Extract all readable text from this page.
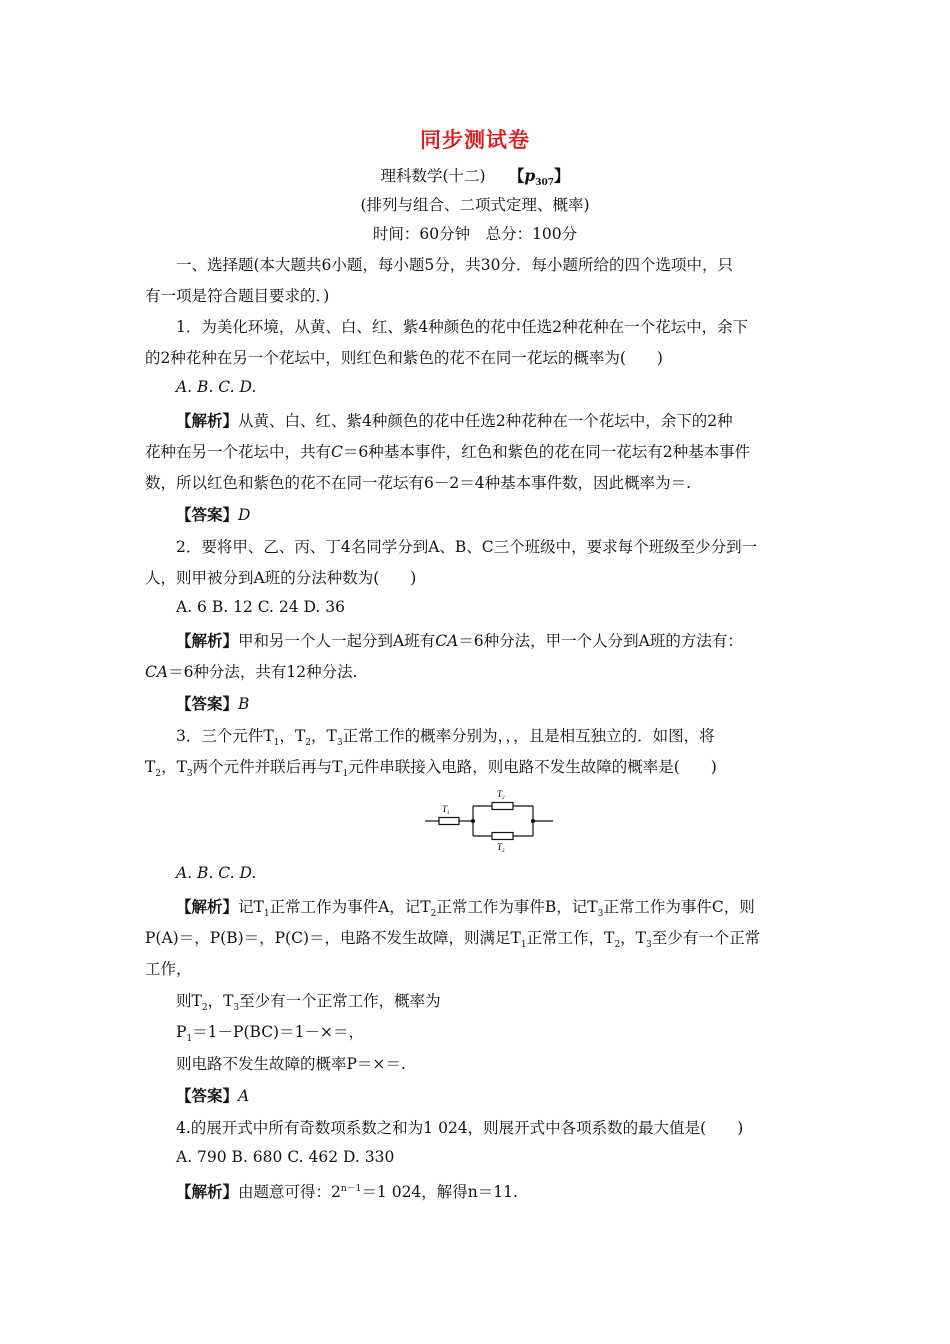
同步测试卷
理科数学(十二)　　 【$p_{307}$】
(排列与组合、二项式定理、概率)
时间：60分钟　总分：100分
一、选择题(本大题共6小题，每小题5分，共30分．每小题所给的四个选项中，只
有一项是符合题目要求的．)
1．为美化环境，从黄、白、红、紫4种颜色的花中任选2种花种在一个花坛中，余下
的2种花种在另一个花坛中，则红色和紫色的花不在同一花坛的概率为(　　)
A. B. C. D.
【解析】从黄、白、红、紫4种颜色的花中任选2种花种在一个花坛中，余下的2种
花种在另一个花坛中，共有C＝6种基本事件，红色和紫色的花在同一花坛有2种基本事件
数，所以红色和紫色的花不在同一花坛有6－2＝4种基本事件数，因此概率为＝.
【答案】D
2．要将甲、乙、丙、丁4名同学分到A、B、C三个班级中，要求每个班级至少分到一
人，则甲被分到A班的分法种数为(　　)
A. 6 B. 12 C. 24 D. 36
【解析】甲和另一个人一起分到A班有CA＝6种分法，甲一个人分到A班的方法有：
CA＝6种分法，共有12种分法.
【答案】B
3．三个元件$T_1$，$T_2$，$T_3$正常工作的概率分别为，，，且是相互独立的．如图，将
$T_2$，$T_3$两个元件并联后再与$T_1$元件串联接入电路，则电路不发生故障的概率是(　　)
$T_1$
$T_2$
$T_3$
A. B. C. D.
【解析】记$T_1$正常工作为事件A，记$T_2$正常工作为事件B，记$T_3$正常工作为事件C，则
P(A)＝，P(B)＝，P(C)＝，电路不发生故障，则满足$T_1$正常工作，$T_2$，$T_3$至少有一个正常
工作，
则$T_2$，$T_3$至少有一个正常工作，概率为
$P_1=1-P(BC)=1-\times=$，
则电路不发生故障的概率P＝×＝.
【答案】A
4.的展开式中所有奇数项系数之和为1 024，则展开式中各项系数的最大值是(　　)
A. 790 B. 680 C. 462 D. 330
【解析】由题意可得：$2^{n-1}=1$ 024，解得n＝11.
